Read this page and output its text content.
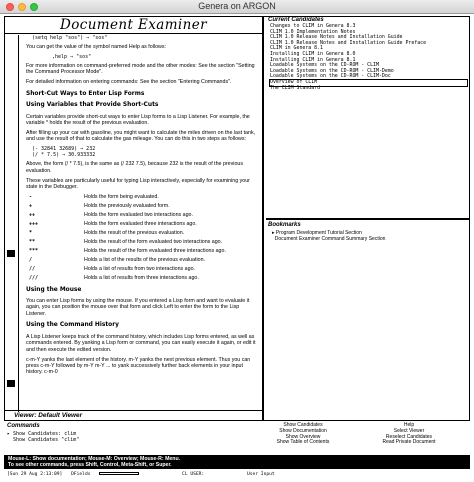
Genera on ARGON
Document Examiner

(setq help "sos") ⇒ "sos"

You can get the value of the symbol named Help as follows:

,help ⇒ "sos"

For more information on command-preferred mode and the other modes: See the section "Setting the Command Processor Mode".

For detailed information on entering commands: See the section "Entering Commands".

Short-Cut Ways to Enter Lisp Forms
Using Variables that Provide Short-Cuts

Certain variables provide short-cut ways to enter Lisp forms to a Lisp Listener. For example, the variable * holds the result of the previous evaluation.

After filling up your car with gasoline, you might want to calculate the miles driven on the last tank, and use the result of that to calculate the gas mileage. You can do this in two steps as follows:

(- 32841 32689) ⇒ 232

(/ * 7.5) ⇒ 30.933332

Above, the form (/ * 7.5), is the same as (/ 232 7.5), because 232 is the result of the previous evaluation.

These variables are particularly useful for typing Lisp interactively, especially for examining your state in the Debugger.

-	Holds the form being evaluated.
+	Holds the previously evaluated form.
++	Holds the form evaluated two interactions ago.
+++	Holds the form evaluated three interactions ago.
*	Holds the result of the previous evaluation.
**	Holds the result of the form evaluated two interactions ago.
***	Holds the result of the form evaluated three interactions ago.
/	Holds a list of the results of the previous evaluation.
//	Holds a list of results from two interactions ago.
///	Holds a list of results from three interactions ago.
Using the Mouse

You can enter Lisp forms by using the mouse. If you entered a Lisp form and want to evaluate it again, you can position the mouse over that form and click Left to enter the form to the Lisp Listener.

Using the Command History

A Lisp Listener keeps track of the command history, which includes Lisp forms entered, as well as commands entered. By yanking a Lisp form or command, you can easily execute it again, or edit it and then execute the edited version.

c-m-Y yanks the last element of the history. m-Y yanks the next previous element. Thus you can press c-m-Y followed by m-Y m-Y ... to yank successively further back elements in your input history. c-m-0

Viewer: Default Viewer
Current Candidates
Changes to CLIM in Genera 8.3
CLIM 1.0 Implementation Notes
CLIM 1.0 Release Notes and Installation Guide
CLIM 1.0 Release Notes and Installation Guide Preface
CLIM in Genera 8.1
Installing CLIM in Genera 8.0
Installing CLIM in Genera 8.1
Loadable Systems on the CD-ROM - CLIM
Loadable Systems on the CD-ROM - CLIM-Demo
Loadable Systems on the CD-ROM - CLIM-Doc
Overview of CLIM
The CLIM Standard
Bookmarks
▸ Program Development Tutorial Section
Document Examiner Command Summary Section
Commands
▸ Show Candidates: clim
Show Candidates "clim"
Show Candidates
Show Documentation
Show Overview
Show Table of Contents
Help
Select Viewer
Reselect Candidates
Read Private Document
Mouse-L: Show documentation; Mouse-M: Overview; Mouse-R: Menu.
To see other commands, press Shift, Control, Meta-Shift, or Super.
[Sun 29 Aug 2:13:09] DFields	CL USER:	User Input
